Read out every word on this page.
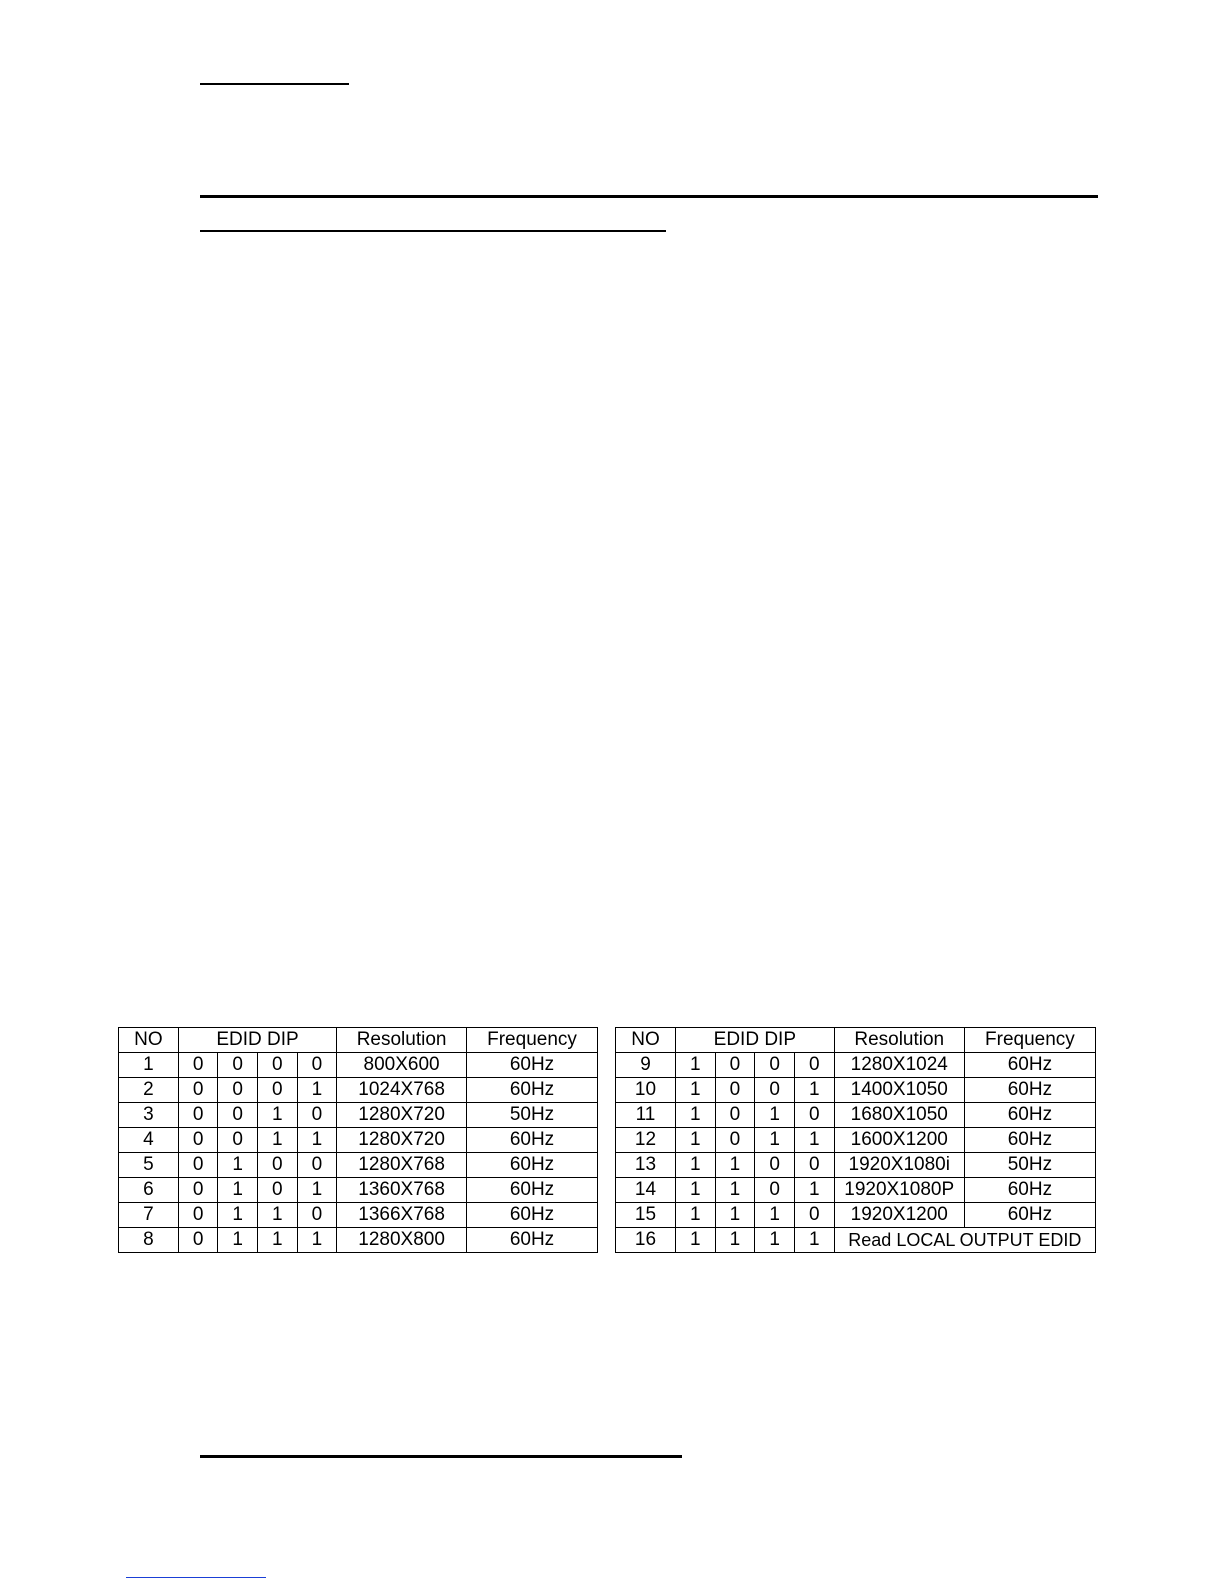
NO	EDID DIP				Resolution	Frequency
1	0	0	0	0	800X600	60Hz
2	0	0	0	1	1024X768	60Hz
3	0	0	1	0	1280X720	50Hz
4	0	0	1	1	1280X720	60Hz
5	0	1	0	0	1280X768	60Hz
6	0	1	0	1	1360X768	60Hz
7	0	1	1	0	1366X768	60Hz
8	0	1	1	1	1280X800	60Hz
NO	EDID DIP				Resolution	Frequency
9	1	0	0	0	1280X1024	60Hz
10	1	0	0	1	1400X1050	60Hz
11	1	0	1	0	1680X1050	60Hz
12	1	0	1	1	1600X1200	60Hz
13	1	1	0	0	1920X1080i	50Hz
14	1	1	0	1	1920X1080P	60Hz
15	1	1	1	0	1920X1200	60Hz
16	1	1	1	1	Read LOCAL OUTPUT EDID	
